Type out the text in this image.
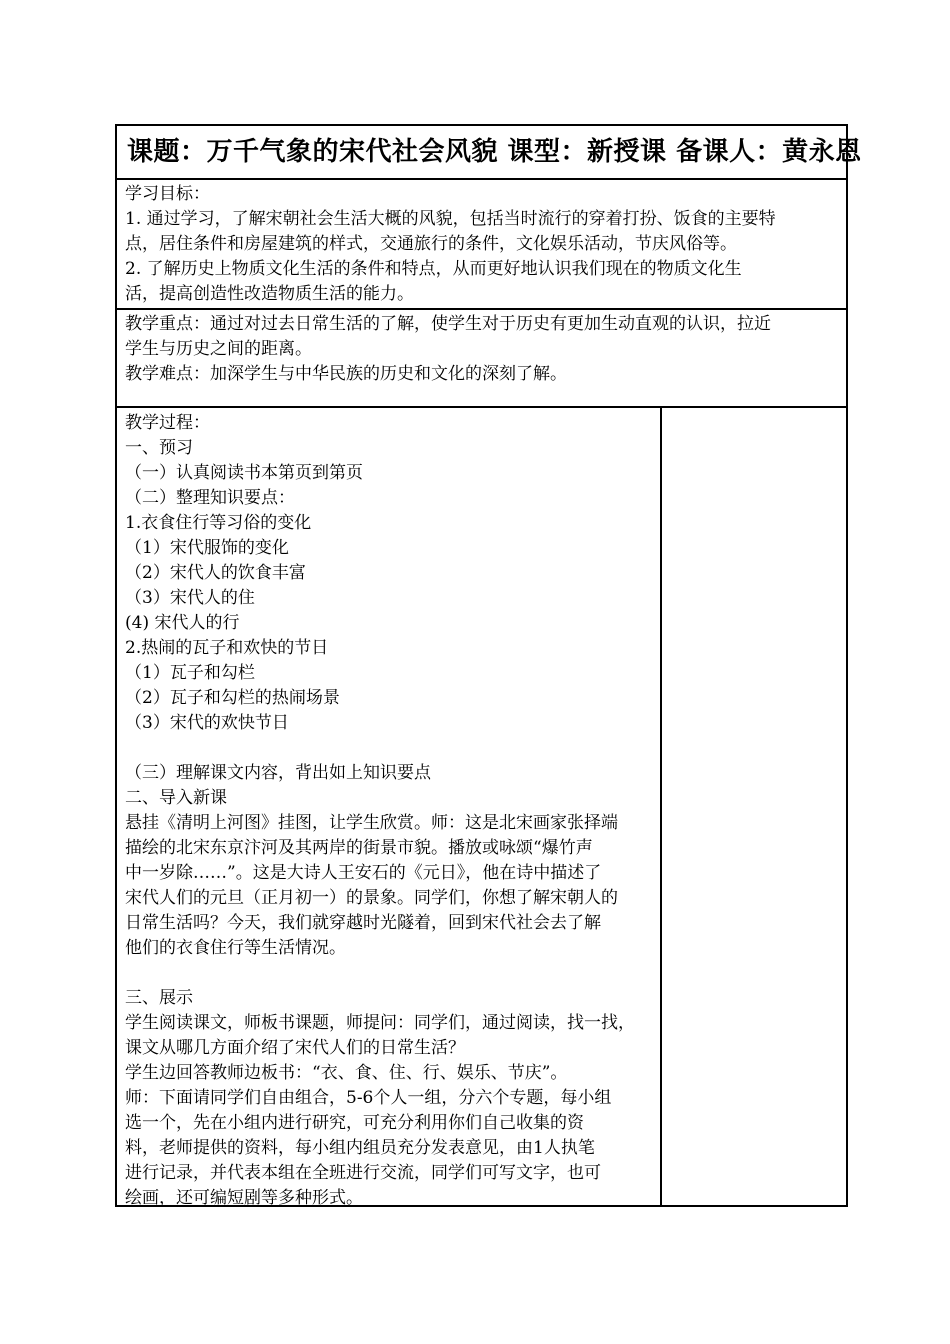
课题：万千气象的宋代社会风貌 课型：新授课 备课人：黄永恩
学习目标：
1. 通过学习，了解宋朝社会生活大概的风貌，包括当时流行的穿着打扮、饭食的主要特
点，居住条件和房屋建筑的样式，交通旅行的条件，文化娱乐活动，节庆风俗等。
2. 了解历史上物质文化生活的条件和特点，从而更好地认识我们现在的物质文化生
活，提高创造性改造物质生活的能力。
教学重点：通过对过去日常生活的了解，使学生对于历史有更加生动直观的认识，拉近
学生与历史之间的距离。
教学难点：加深学生与中华民族的历史和文化的深刻了解。
教学过程：
一、预习
（一）认真阅读书本第页到第页
（二）整理知识要点：
1.衣食住行等习俗的变化
（1）宋代服饰的变化
（2）宋代人的饮食丰富
（3）宋代人的住
(4) 宋代人的行
2.热闹的瓦子和欢快的节日
（1）瓦子和勾栏
（2）瓦子和勾栏的热闹场景
（3）宋代的欢快节日
（三）理解课文内容，背出如上知识要点
二、导入新课
悬挂《清明上河图》挂图，让学生欣赏。师：这是北宋画家张择端
描绘的北宋东京汴河及其两岸的街景市貌。播放或咏颂“爆竹声
中一岁除……”。这是大诗人王安石的《元日》，他在诗中描述了
宋代人们的元旦（正月初一）的景象。同学们，你想了解宋朝人的
日常生活吗？今天，我们就穿越时光隧着，回到宋代社会去了解
他们的衣食住行等生活情况。
三、展示
学生阅读课文，师板书课题，师提问：同学们，通过阅读，找一找，
课文从哪几方面介绍了宋代人们的日常生活？
学生边回答教师边板书：“衣、食、住、行、娱乐、节庆”。
师：下面请同学们自由组合，5-6个人一组，分六个专题，每小组
选一个，先在小组内进行研究，可充分利用你们自己收集的资
料，老师提供的资料，每小组内组员充分发表意见，由1人执笔
进行记录，并代表本组在全班进行交流，同学们可写文字，也可
绘画，还可编短剧等多种形式。
